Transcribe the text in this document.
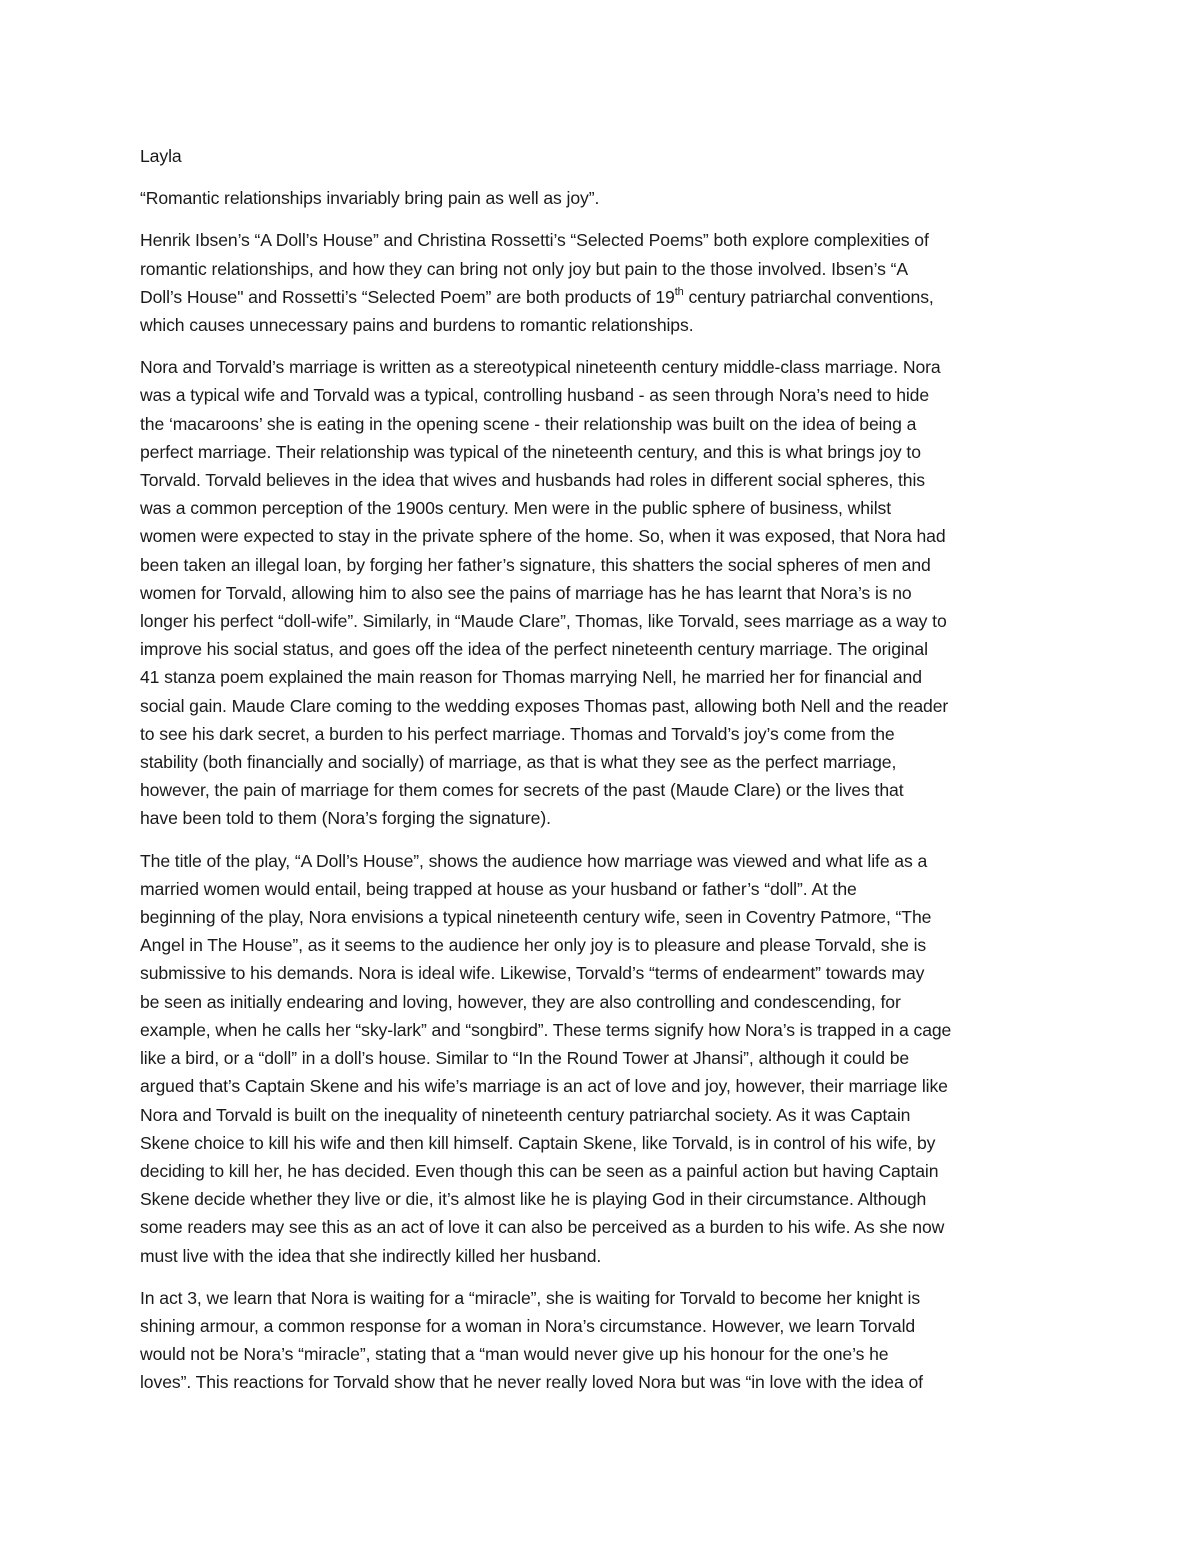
Layla

“Romantic relationships invariably bring pain as well as joy”.

Henrik Ibsen’s “A Doll’s House” and Christina Rossetti’s “Selected Poems” both explore complexities of
romantic relationships, and how they can bring not only joy but pain to the those involved. Ibsen’s “A
Doll’s House" and Rossetti’s “Selected Poem” are both products of 19th century patriarchal conventions,
which causes unnecessary pains and burdens to romantic relationships.

Nora and Torvald’s marriage is written as a stereotypical nineteenth century middle-class marriage. Nora
was a typical wife and Torvald was a typical, controlling husband - as seen through Nora’s need to hide
the ‘macaroons’ she is eating in the opening scene - their relationship was built on the idea of being a
perfect marriage. Their relationship was typical of the nineteenth century, and this is what brings joy to
Torvald. Torvald believes in the idea that wives and husbands had roles in different social spheres, this
was a common perception of the 1900s century. Men were in the public sphere of business, whilst
women were expected to stay in the private sphere of the home. So, when it was exposed, that Nora had
been taken an illegal loan, by forging her father’s signature, this shatters the social spheres of men and
women for Torvald, allowing him to also see the pains of marriage has he has learnt that Nora’s is no
longer his perfect “doll-wife”. Similarly, in “Maude Clare”, Thomas, like Torvald, sees marriage as a way to
improve his social status, and goes off the idea of the perfect nineteenth century marriage. The original
41 stanza poem explained the main reason for Thomas marrying Nell, he married her for financial and
social gain. Maude Clare coming to the wedding exposes Thomas past, allowing both Nell and the reader
to see his dark secret, a burden to his perfect marriage. Thomas and Torvald’s joy’s come from the
stability (both financially and socially) of marriage, as that is what they see as the perfect marriage,
however, the pain of marriage for them comes for secrets of the past (Maude Clare) or the lives that
have been told to them (Nora’s forging the signature).

The title of the play, “A Doll’s House”, shows the audience how marriage was viewed and what life as a
married women would entail, being trapped at house as your husband or father’s “doll”. At the
beginning of the play, Nora envisions a typical nineteenth century wife, seen in Coventry Patmore, “The
Angel in The House”, as it seems to the audience her only joy is to pleasure and please Torvald, she is
submissive to his demands. Nora is ideal wife. Likewise, Torvald’s “terms of endearment” towards may
be seen as initially endearing and loving, however, they are also controlling and condescending, for
example, when he calls her “sky-lark” and “songbird”. These terms signify how Nora’s is trapped in a cage
like a bird, or a “doll” in a doll’s house. Similar to “In the Round Tower at Jhansi”, although it could be
argued that’s Captain Skene and his wife’s marriage is an act of love and joy, however, their marriage like
Nora and Torvald is built on the inequality of nineteenth century patriarchal society. As it was Captain
Skene choice to kill his wife and then kill himself. Captain Skene, like Torvald, is in control of his wife, by
deciding to kill her, he has decided. Even though this can be seen as a painful action but having Captain
Skene decide whether they live or die, it’s almost like he is playing God in their circumstance. Although
some readers may see this as an act of love it can also be perceived as a burden to his wife. As she now
must live with the idea that she indirectly killed her husband.

In act 3, we learn that Nora is waiting for a “miracle”, she is waiting for Torvald to become her knight is
shining armour, a common response for a woman in Nora’s circumstance. However, we learn Torvald
would not be Nora’s “miracle”, stating that a “man would never give up his honour for the one’s he
loves”. This reactions for Torvald show that he never really loved Nora but was “in love with the idea of
